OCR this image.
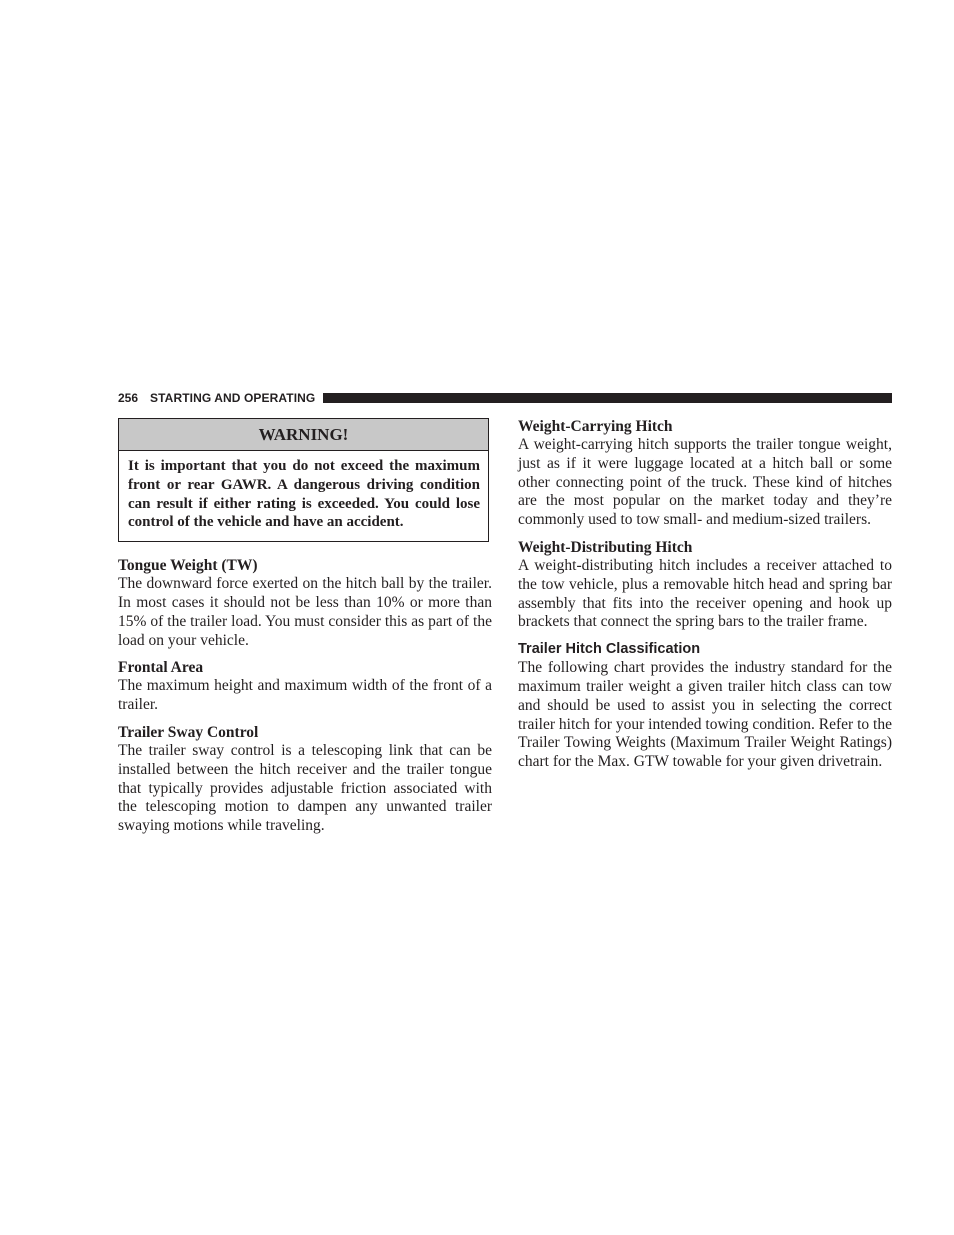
256 STARTING AND OPERATING
WARNING!
It is important that you do not exceed the maximum front or rear GAWR. A dangerous driving condition can result if either rating is exceeded. You could lose control of the vehicle and have an accident.
Tongue Weight (TW)

The downward force exerted on the hitch ball by the trailer. In most cases it should not be less than 10% or more than 15% of the trailer load. You must consider this as part of the load on your vehicle.

Frontal Area

The maximum height and maximum width of the front of a trailer.

Trailer Sway Control

The trailer sway control is a telescoping link that can be installed between the hitch receiver and the trailer tongue that typically provides adjustable friction associated with the telescoping motion to dampen any unwanted trailer swaying motions while traveling.

Weight-Carrying Hitch

A weight-carrying hitch supports the trailer tongue weight, just as if it were luggage located at a hitch ball or some other connecting point of the truck. These kind of hitches are the most popular on the market today and they’re commonly used to tow small- and medium-sized trailers.

Weight-Distributing Hitch

A weight-distributing hitch includes a receiver attached to the tow vehicle, plus a removable hitch head and spring bar assembly that fits into the receiver opening and hook up brackets that connect the spring bars to the trailer frame.

Trailer Hitch Classification

The following chart provides the industry standard for the maximum trailer weight a given trailer hitch class can tow and should be used to assist you in selecting the correct trailer hitch for your intended towing condition. Refer to the Trailer Towing Weights (Maximum Trailer Weight Ratings) chart for the Max. GTW towable for your given drivetrain.
